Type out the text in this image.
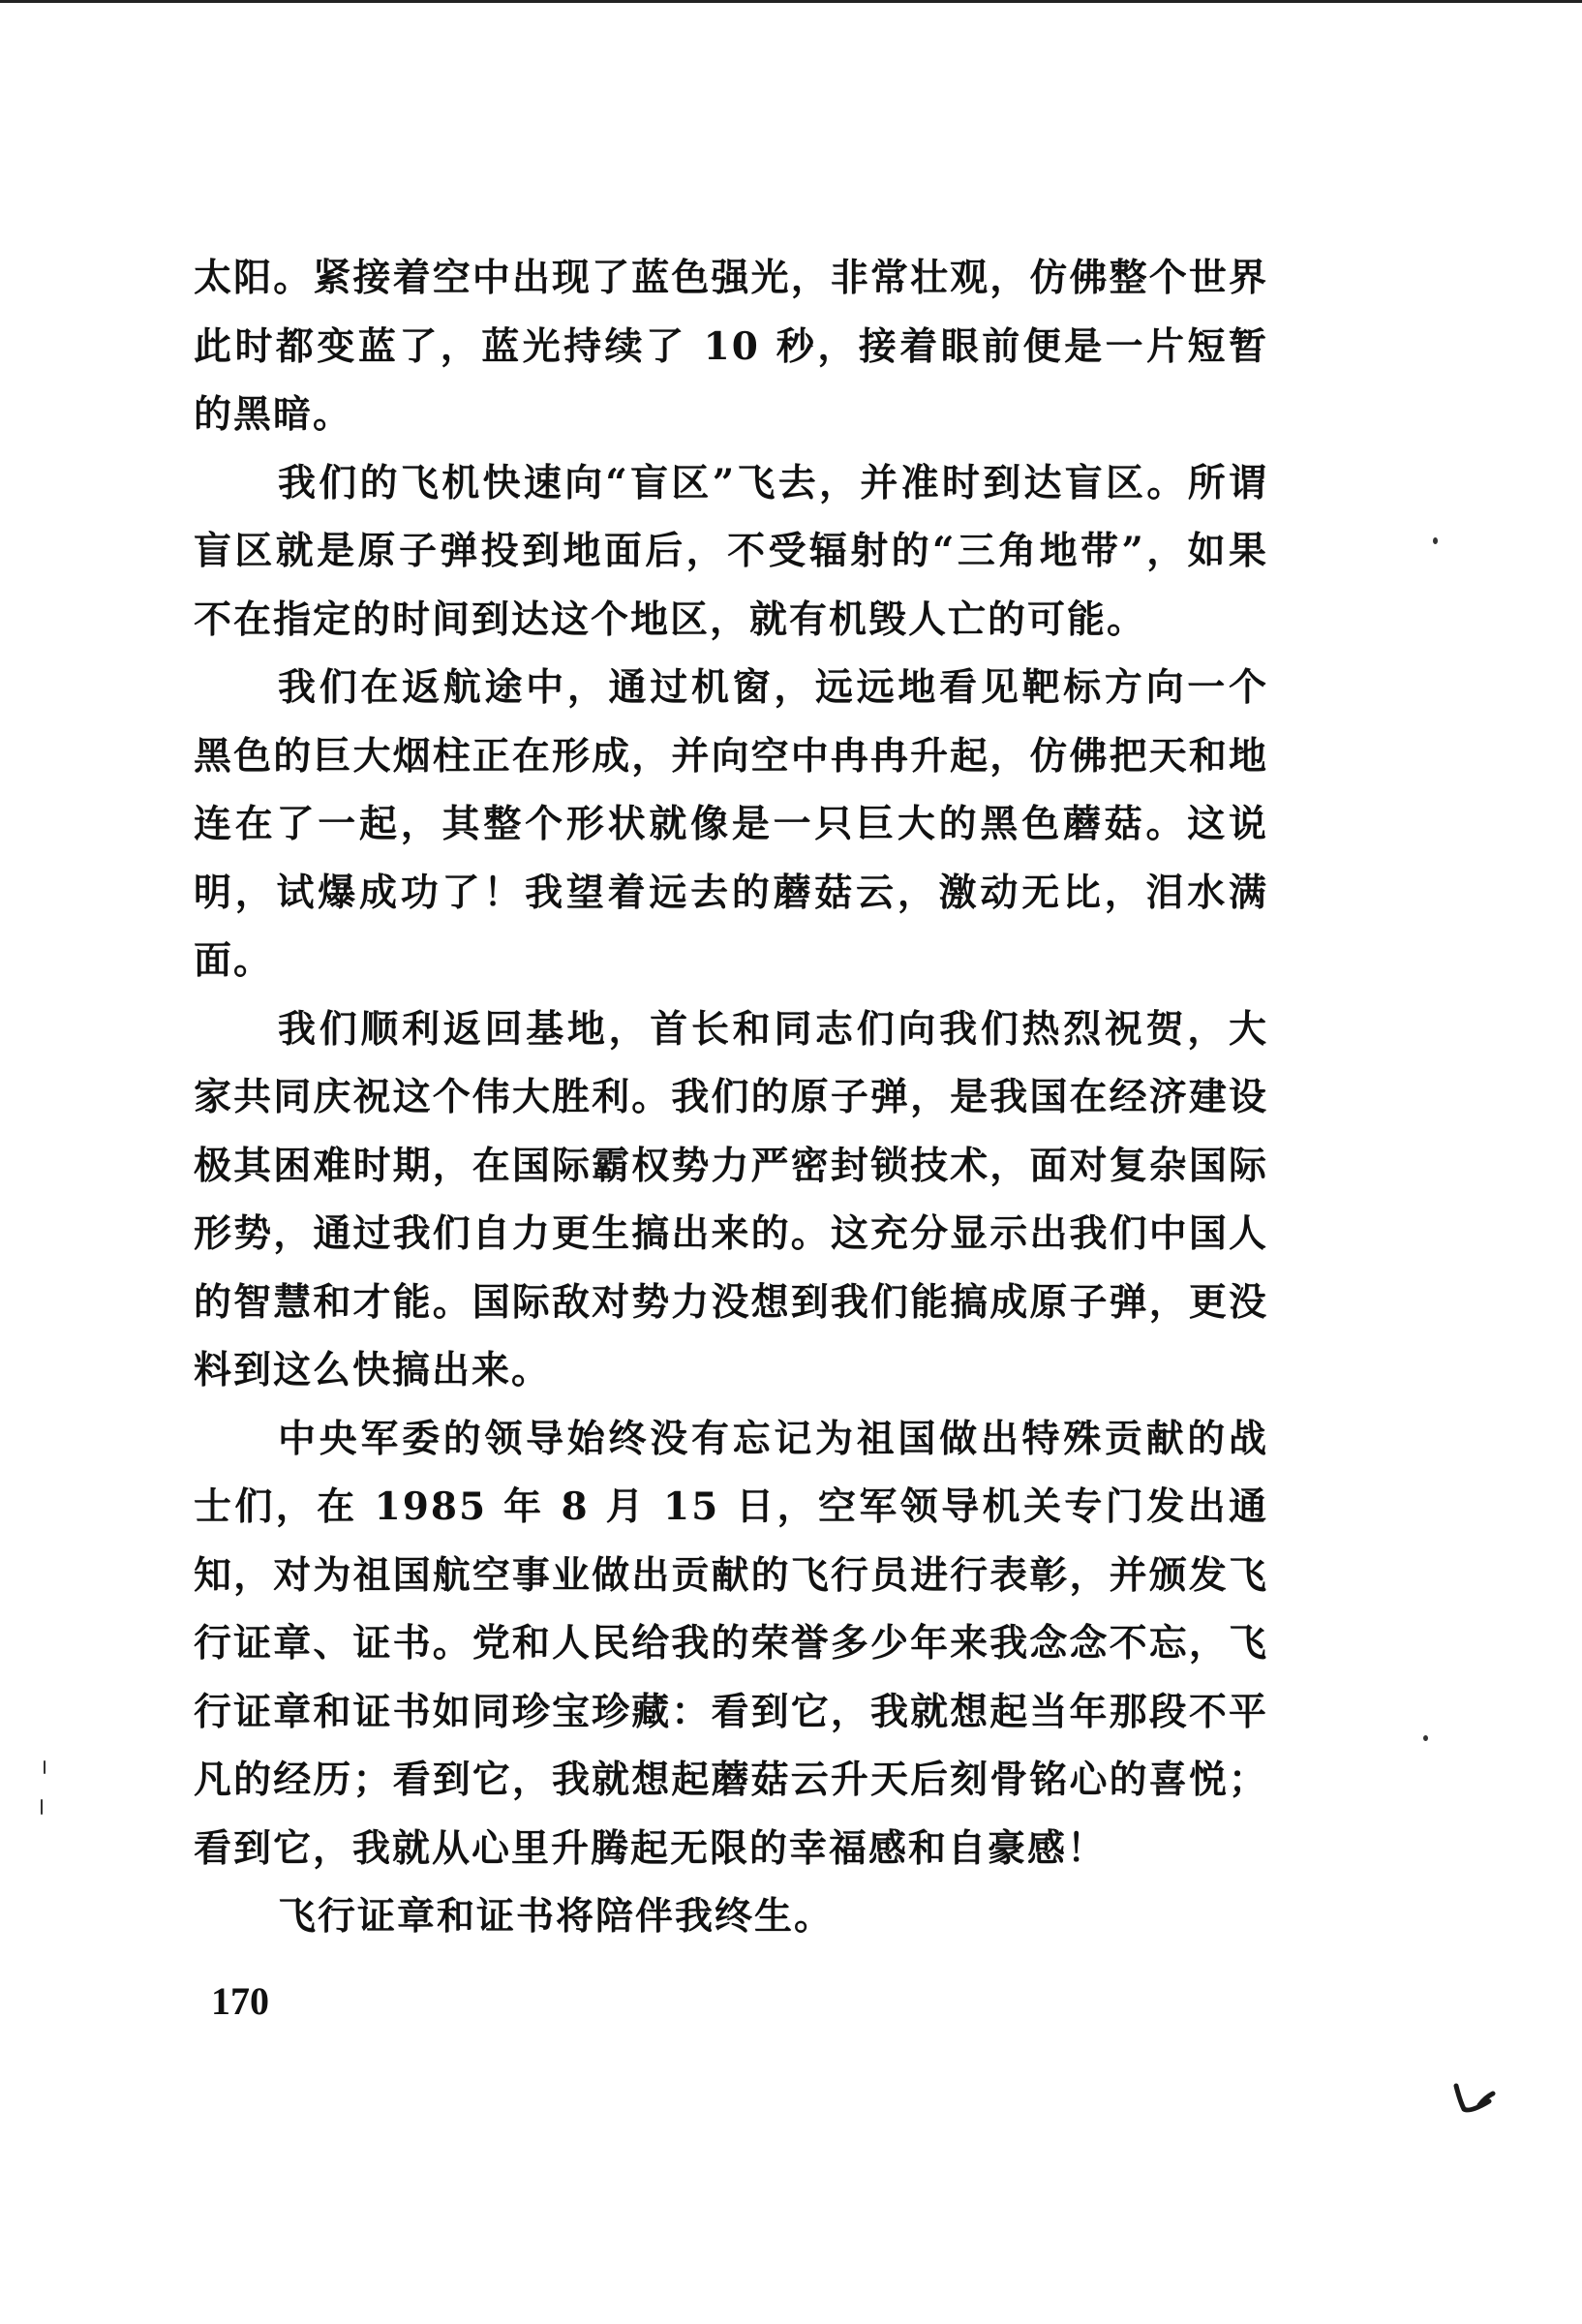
太阳。紧接着空中出现了蓝色强光，非常壮观，仿佛整个世界此时都变蓝了，蓝光持续了 10 秒，接着眼前便是一片短暂的黑暗。

我们的飞机快速向“盲区”飞去，并准时到达盲区。所谓盲区就是原子弹投到地面后，不受辐射的“三角地带”，如果不在指定的时间到达这个地区，就有机毁人亡的可能。

我们在返航途中，通过机窗，远远地看见靶标方向一个黑色的巨大烟柱正在形成，并向空中冉冉升起，仿佛把天和地连在了一起，其整个形状就像是一只巨大的黑色蘑菇。这说明，试爆成功了！我望着远去的蘑菇云，激动无比，泪水满面。

我们顺利返回基地，首长和同志们向我们热烈祝贺，大家共同庆祝这个伟大胜利。我们的原子弹，是我国在经济建设极其困难时期，在国际霸权势力严密封锁技术，面对复杂国际形势，通过我们自力更生搞出来的。这充分显示出我们中国人的智慧和才能。国际敌对势力没想到我们能搞成原子弹，更没料到这么快搞出来。

中央军委的领导始终没有忘记为祖国做出特殊贡献的战士们，在 1985 年 8 月 15 日，空军领导机关专门发出通知，对为祖国航空事业做出贡献的飞行员进行表彰，并颁发飞行证章、证书。党和人民给我的荣誉多少年来我念念不忘，飞行证章和证书如同珍宝珍藏：看到它，我就想起当年那段不平凡的经历；看到它，我就想起蘑菇云升天后刻骨铭心的喜悦；看到它，我就从心里升腾起无限的幸福感和自豪感！

飞行证章和证书将陪伴我终生。

170
